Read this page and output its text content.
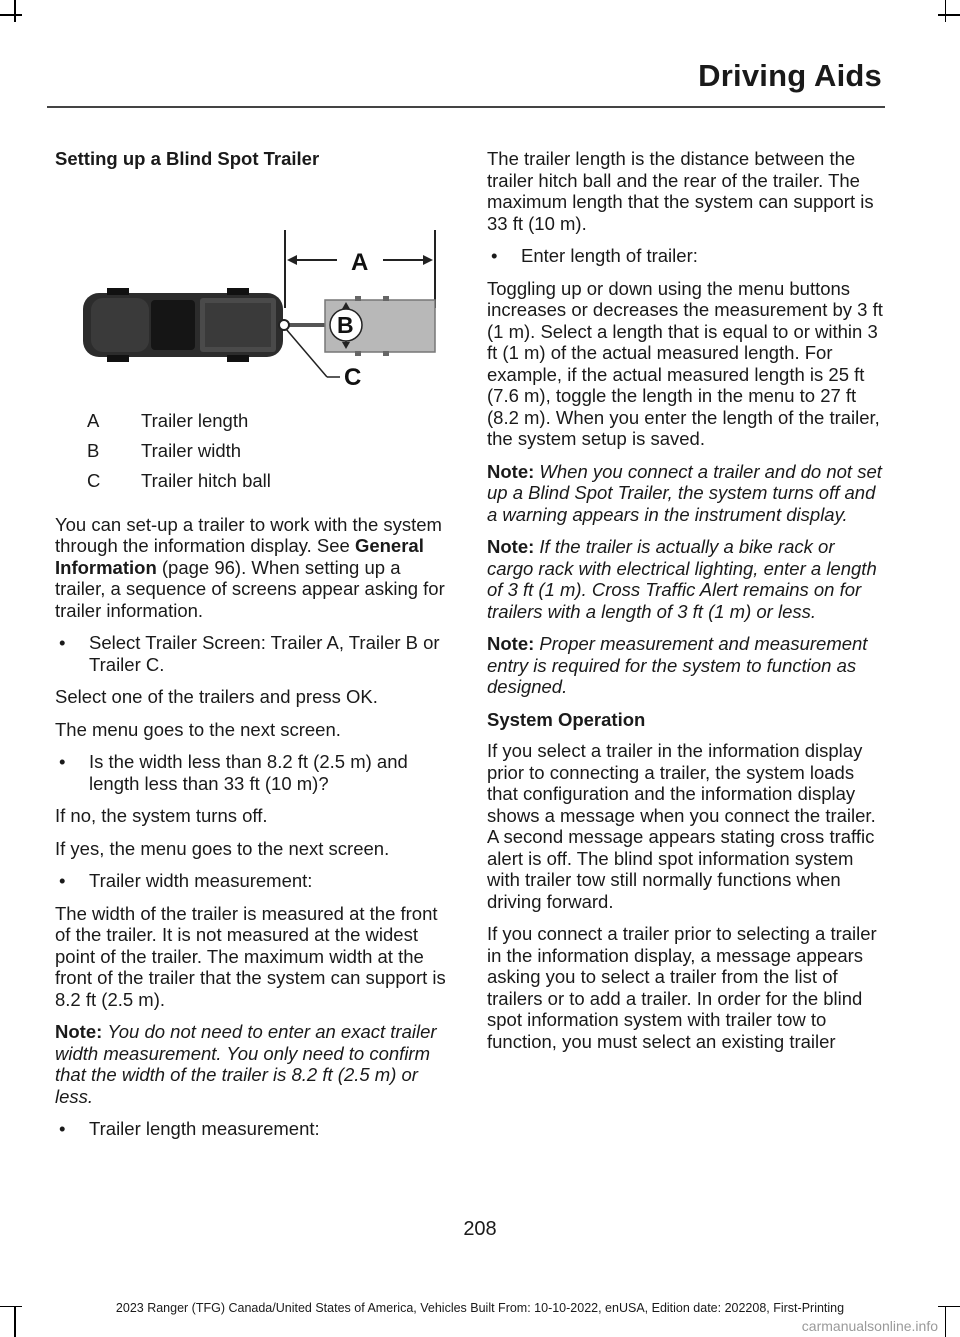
Driving Aids
Setting up a Blind Spot Trailer
A
B
C
A	Trailer length
B	Trailer width
C	Trailer hitch ball

You can set-up a trailer to work with the system through the information display. See General Information (page 96). When setting up a trailer, a sequence of screens appear asking for trailer information.

• Select Trailer Screen: Trailer A, Trailer B or Trailer C.

Select one of the trailers and press OK.

The menu goes to the next screen.

• Is the width less than 8.2 ft (2.5 m) and length less than 33 ft (10 m)?

If no, the system turns off.

If yes, the menu goes to the next screen.

• Trailer width measurement:

The width of the trailer is measured at the front of the trailer. It is not measured at the widest point of the trailer. The maximum width at the front of the trailer that the system can support is 8.2 ft (2.5 m).

Note: You do not need to enter an exact trailer width measurement. You only need to confirm that the width of the trailer is 8.2 ft (2.5 m) or less.

• Trailer length measurement:

The trailer length is the distance between the trailer hitch ball and the rear of the trailer. The maximum length that the system can support is 33 ft (10 m).

• Enter length of trailer:

Toggling up or down using the menu buttons increases or decreases the measurement by 3 ft (1 m). Select a length that is equal to or within 3 ft (1 m) of the actual measured length. For example, if the actual measured length is 25 ft (7.6 m), toggle the length in the menu to 27 ft (8.2 m). When you enter the length of the trailer, the system setup is saved.

Note: When you connect a trailer and do not set up a Blind Spot Trailer, the system turns off and a warning appears in the instrument display.

Note: If the trailer is actually a bike rack or cargo rack with electrical lighting, enter a length of 3 ft (1 m). Cross Traffic Alert remains on for trailers with a length of 3 ft (1 m) or less.

Note: Proper measurement and measurement entry is required for the system to function as designed.

System Operation

If you select a trailer in the information display prior to connecting a trailer, the system loads that configuration and the information display shows a message when you connect the trailer. A second message appears stating cross traffic alert is off. The blind spot information system with trailer tow still normally functions when driving forward.

If you connect a trailer prior to selecting a trailer in the information display, a message appears asking you to select a trailer from the list of trailers or to add a trailer. In order for the blind spot information system with trailer tow to function, you must select an existing trailer

208
2023 Ranger (TFG) Canada/United States of America, Vehicles Built From: 10-10-2022, enUSA, Edition date: 202208, First-Printing
carmanualsonline.info
